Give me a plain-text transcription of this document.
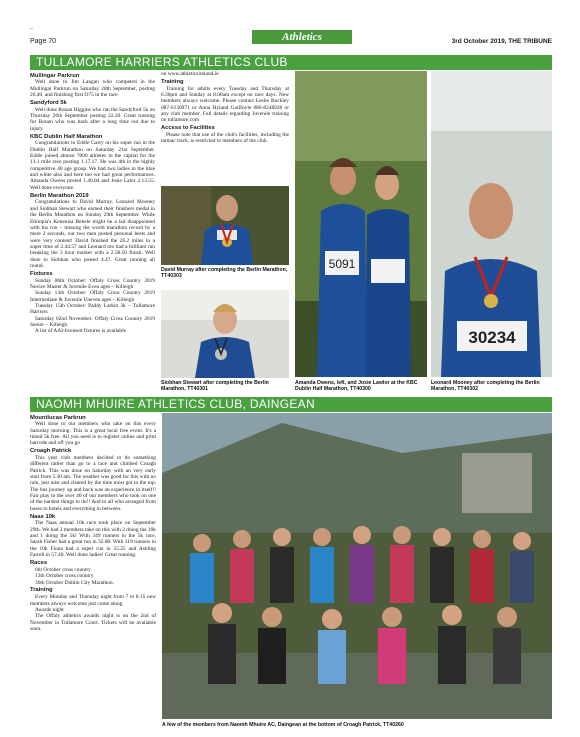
–
Page 70	Athletics	3rd October 2019, THE TRIBUNE
TULLAMORE HARRIERS ATHLETICS CLUB
Mullingar Parkrun

Well done to Jim Langan who competed in the Mullingar Parkrun on Saturday 28th September, posting 26.49, and finishing first O75 in the race.

Sandyford 5k

Well done Ronan Higgins who ran the Sandyford 5k on Thursday 26th September posting 22.20. Great running for Ronan who was back after a long time out due to injury.

KBC Dublin Half Marathon

Congratulations to Eddie Garry on his super run in the Dublin Half Marathon on Saturday 21st September. Eddie joined almost 7000 athletes in the capital for the 13.1 mile race posting 1.17.17. He was 4th in the highly competitive 40 age group. We had two ladies in the blue and white also and here too we had great performances. Amanda Owens posted 1.46.04 and Josie Lalor 2.13.55. Well done everyone.

Berlin Marathon 2019

Congratulations to David Murray, Leonard Mooney and Siobhan Stewart who earned their finishers medal in the Berlin Marathon on Sunday 29th September. While Ethiopia's Kenenisa Bekele might be a tad disappointed with his run – missing the world marathon record by a mere 2 seconds, our two men posted personal bests and were very content! David finished the 26.2 miles in a super time of 2.44.57 and Leonard too had a brilliant run breaking the 3 hour marker with a 2.58.50 finish. Well done to Siobhan who posted 4.47. Great running all round.

Fixtures

Sunday 06th October: Offaly Cross Country 2019 Novice Master & Juvenile Even ages – Killeigh

Sunday 13th October: Offaly Cross Country 2019 Intermediate & Juvenile Uneven ages – Killeigh

Tuesday 15th October: Paddy Larkin 3k – Tullamore Harriers

Saturday 02nd November: Offaly Cross Country 2019 Senior – Killeigh

A list of AAI-licensed fixtures is available

on www.athleticsireland.ie

Training

Training for adults every Tuesday and Thursday at 6.30pm and Sunday at 8.00am except on race days. New members always welcome. Please contact Leslie Buckley 087-6130971 or Anna Hyland Guilfoyle 086-8248928 or any club member. Full details regarding Juvenile training on tullamore.com

Access to Facilities

Please note that use of the club's facilities, including the tarmac track, is restricted to members of the club.

David Murray after completing the Berlin Marathon, TT40303
Siobhan Stewart after completing the Berlin Marathon, TT40301
5091
Amanda Owens, left, and Josie Lawlor at the KBC Dublin Half Marathon, TT40300
30234
Leonard Mooney after completing the Berlin Marathon, TT40302
NAOMH MHUIRE ATHLETICS CLUB, DAINGEAN
Mountlucas Parkrun

Well done to our members who take on this every Saturday morning. This is a great local free event. It's a timed 5k free. All you need is to register online and print barcode and off you go

Croagh Patrick

This year club members decided to do something different rather than go to a race and climbed Croagh Patrick. This was done on Saturday with an very early start from 5.30 am. The weather was good for this with no rain, just mist and cleared by the time most got to the top. The bus journey up and back was an experience in itself!! Fair play to the over 40 of our members who took on one of the hardest things to do!! And to all who arranged from buses to hotels and everything in between.

Naas 10k

The Naas annual 10k race took place on September 29th. We had 3 members take on this with 2 doing the 10k and 1 doing the 5k! With 349 runners in the 5k race, Sarah Fisher had a great run in 32.08. With 319 runners in the 10k Fiona had a super run in 55.25 and Ashling Farrell in 57.40. Well done ladies! Great running.

Races

6th October cross country

13th October cross country

30th October Dublin City Marathon.

Training

Every Monday and Thursday night from 7 to 8.15 new members always welcome just come along

Awards night

The Offaly athletics awards night is on the 2nd of November in Tullamore Court. Tickets will be available soon.

A few of the members from Naomh Mhuire AC, Daingean at the bottom of Croagh Patrick, TT40260
